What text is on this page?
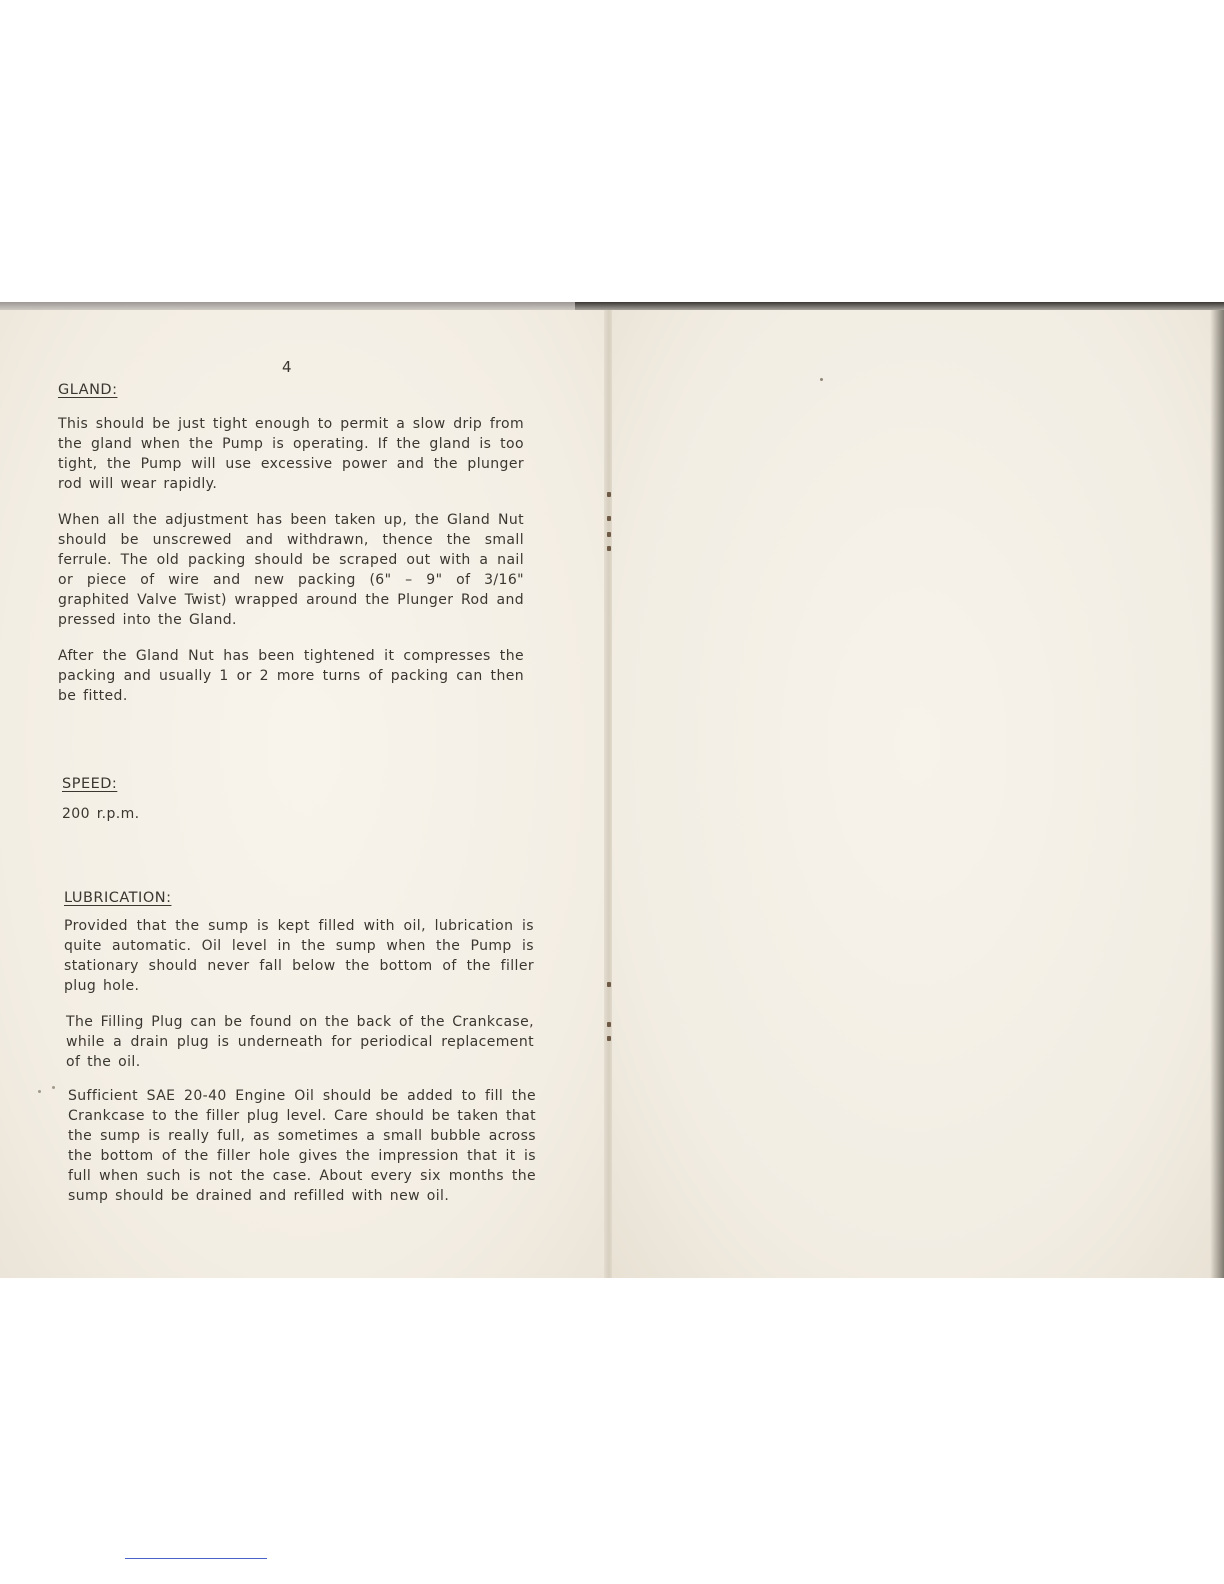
4

GLAND:

This should be just tight enough to permit a slow drip from the gland when the Pump is operating. If the gland is too tight, the Pump will use excessive power and the plunger rod will wear rapidly.

When all the adjustment has been taken up, the Gland Nut should be unscrewed and withdrawn, thence the small ferrule. The old packing should be scraped out with a nail or piece of wire and new packing (6" – 9" of 3/16" graphited Valve Twist) wrapped around the Plunger Rod and pressed into the Gland.

After the Gland Nut has been tightened it compresses the packing and usually 1 or 2 more turns of packing can then be fitted.

SPEED:

200 r.p.m.

LUBRICATION:

Provided that the sump is kept filled with oil, lubrication is quite automatic. Oil level in the sump when the Pump is stationary should never fall below the bottom of the filler plug hole.

The Filling Plug can be found on the back of the Crankcase, while a drain plug is underneath for periodical replacement of the oil.

Sufficient SAE 20-40 Engine Oil should be added to fill the Crankcase to the filler plug level. Care should be taken that the sump is really full, as sometimes a small bubble across the bottom of the filler hole gives the impression that it is full when such is not the case. About every six months the sump should be drained and refilled with new oil.
